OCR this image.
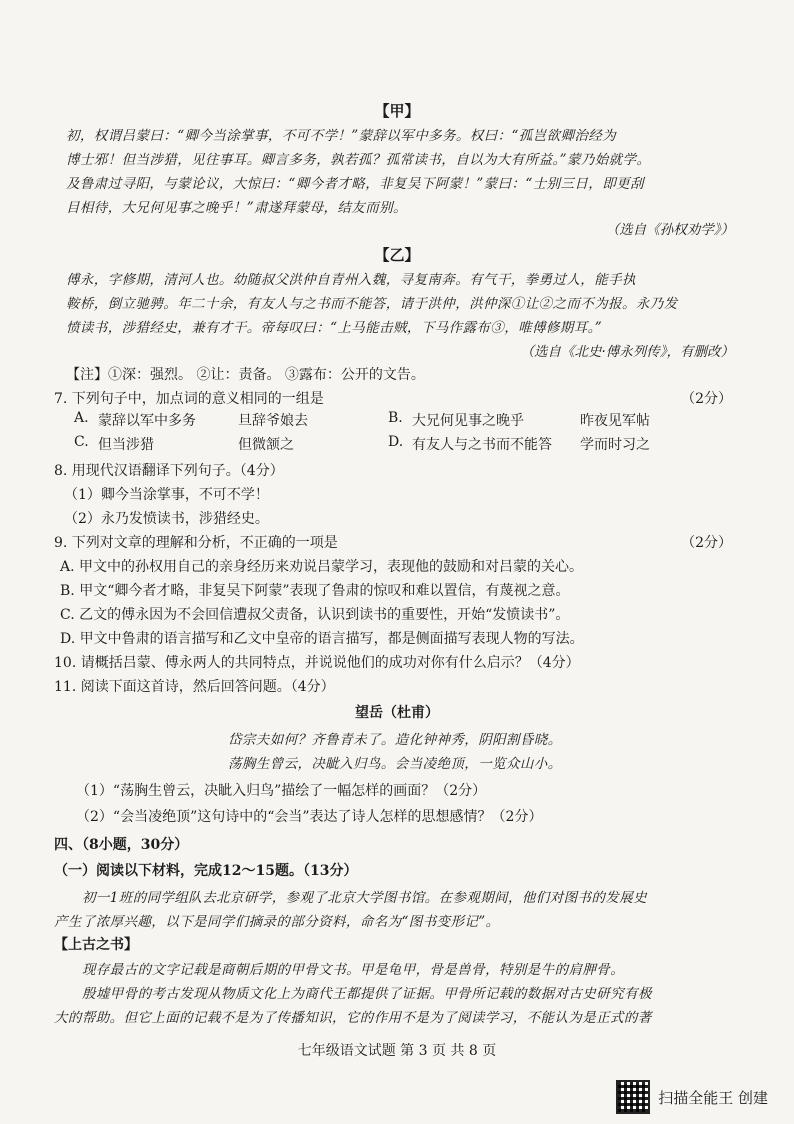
【甲】
初，权谓吕蒙曰：“卿今当涂掌事，不可不学！”蒙辞以军中多务。权曰：“孤岂欲卿治经为
博士邪！但当涉猎，见往事耳。卿言多务，孰若孤？孤常读书，自以为大有所益。”蒙乃始就学。
及鲁肃过寻阳，与蒙论议，大惊曰：“卿今者才略，非复吴下阿蒙！”蒙曰：“士别三日，即更刮
目相待，大兄何见事之晚乎！”肃遂拜蒙母，结友而别。
（选自《孙权劝学》）
【乙】
傅永，字修期，清河人也。幼随叔父洪仲自青州入魏，寻复南奔。有气干，拳勇过人，能手执
鞍桥，倒立驰骋。年二十余，有友人与之书而不能答，请于洪仲，洪仲深①让②之而不为报。永乃发
愤读书，涉猎经史，兼有才干。帝每叹曰：“上马能击贼，下马作露布③，唯傅修期耳。”
（选自《北史·傅永列传》，有删改）
【注】①深：强烈。 ②让：责备。 ③露布：公开的文告。
7. 下列句子中，加点词的意义相同的一组是	（2分）
A. 蒙辞以军中多务	旦辞爷娘去	B. 大兄何见事之晚乎	昨夜见军帖
C. 但当涉猎	但微颔之	D. 有友人与之书而不能答 学而时习之
8. 用现代汉语翻译下列句子。（4分）
（1）卿今当涂掌事，不可不学！
（2）永乃发愤读书，涉猎经史。
9. 下列对文章的理解和分析，不正确的一项是	（2分）
A. 甲文中的孙权用自己的亲身经历来劝说吕蒙学习，表现他的鼓励和对吕蒙的关心。
B. 甲文“卿今者才略，非复吴下阿蒙”表现了鲁肃的惊叹和难以置信，有蔑视之意。
C. 乙文的傅永因为不会回信遭叔父责备，认识到读书的重要性，开始“发愤读书”。
D. 甲文中鲁肃的语言描写和乙文中皇帝的语言描写，都是侧面描写表现人物的写法。
10. 请概括吕蒙、傅永两人的共同特点，并说说他们的成功对你有什么启示？（4分）
11. 阅读下面这首诗，然后回答问题。（4分）
望岳（杜甫）
岱宗夫如何？齐鲁青未了。造化钟神秀，阴阳割昏晓。
荡胸生曾云，决眦入归鸟。会当凌绝顶，一览众山小。
（1）“荡胸生曾云，决眦入归鸟”描绘了一幅怎样的画面？（2分）
（2）“会当凌绝顶”这句诗中的“会当”表达了诗人怎样的思想感情？（2分）
四、（8小题，30分）
（一）阅读以下材料，完成12～15题。（13分）
初一1班的同学组队去北京研学，参观了北京大学图书馆。在参观期间，他们对图书的发展史
产生了浓厚兴趣，以下是同学们摘录的部分资料，命名为“图书变形记”。
【上古之书】
现存最古的文字记载是商朝后期的甲骨文书。甲是龟甲，骨是兽骨，特别是牛的肩胛骨。
殷墟甲骨的考古发现从物质文化上为商代王都提供了证据。甲骨所记载的数据对古史研究有极
七年级语文试题 第 3 页 共 8 页
大的帮助。但它上面的记载不是为了传播知识，它的作用不是为了阅读学习，不能认为是正式的著
扫描全能王 创建
